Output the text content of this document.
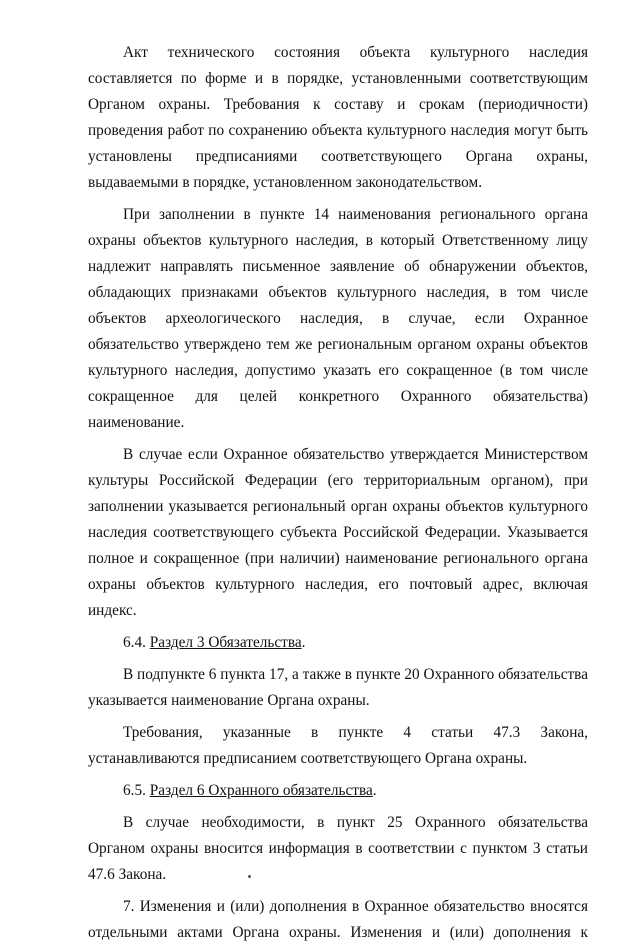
Акт технического состояния объекта культурного наследия составляется по форме и в порядке, установленными соответствующим Органом охраны. Требования к составу и срокам (периодичности) проведения работ по сохранению объекта культурного наследия могут быть установлены предписаниями соответствующего Органа охраны, выдаваемыми в порядке, установленном законодательством.

При заполнении в пункте 14 наименования регионального органа охраны объектов культурного наследия, в который Ответственному лицу надлежит направлять письменное заявление об обнаружении объектов, обладающих признаками объектов культурного наследия, в том числе объектов археологического наследия, в случае, если Охранное обязательство утверждено тем же региональным органом охраны объектов культурного наследия, допустимо указать его сокращенное (в том числе сокращенное для целей конкретного Охранного обязательства) наименование.

В случае если Охранное обязательство утверждается Министерством культуры Российской Федерации (его территориальным органом), при заполнении указывается региональный орган охраны объектов культурного наследия соответствующего субъекта Российской Федерации. Указывается полное и сокращенное (при наличии) наименование регионального органа охраны объектов культурного наследия, его почтовый адрес, включая индекс.

6.4. Раздел 3 Обязательства.

В подпункте 6 пункта 17, а также в пункте 20 Охранного обязательства указывается наименование Органа охраны.

Требования, указанные в пункте 4 статьи 47.3 Закона, устанавливаются предписанием соответствующего Органа охраны.

6.5. Раздел 6 Охранного обязательства.

В случае необходимости, в пункт 25 Охранного обязательства Органом охраны вносится информация в соответствии с пунктом 3 статьи 47.6 Закона.

7. Изменения и (или) дополнения в Охранное обязательство вносятся отдельными актами Органа охраны. Изменения и (или) дополнения к
